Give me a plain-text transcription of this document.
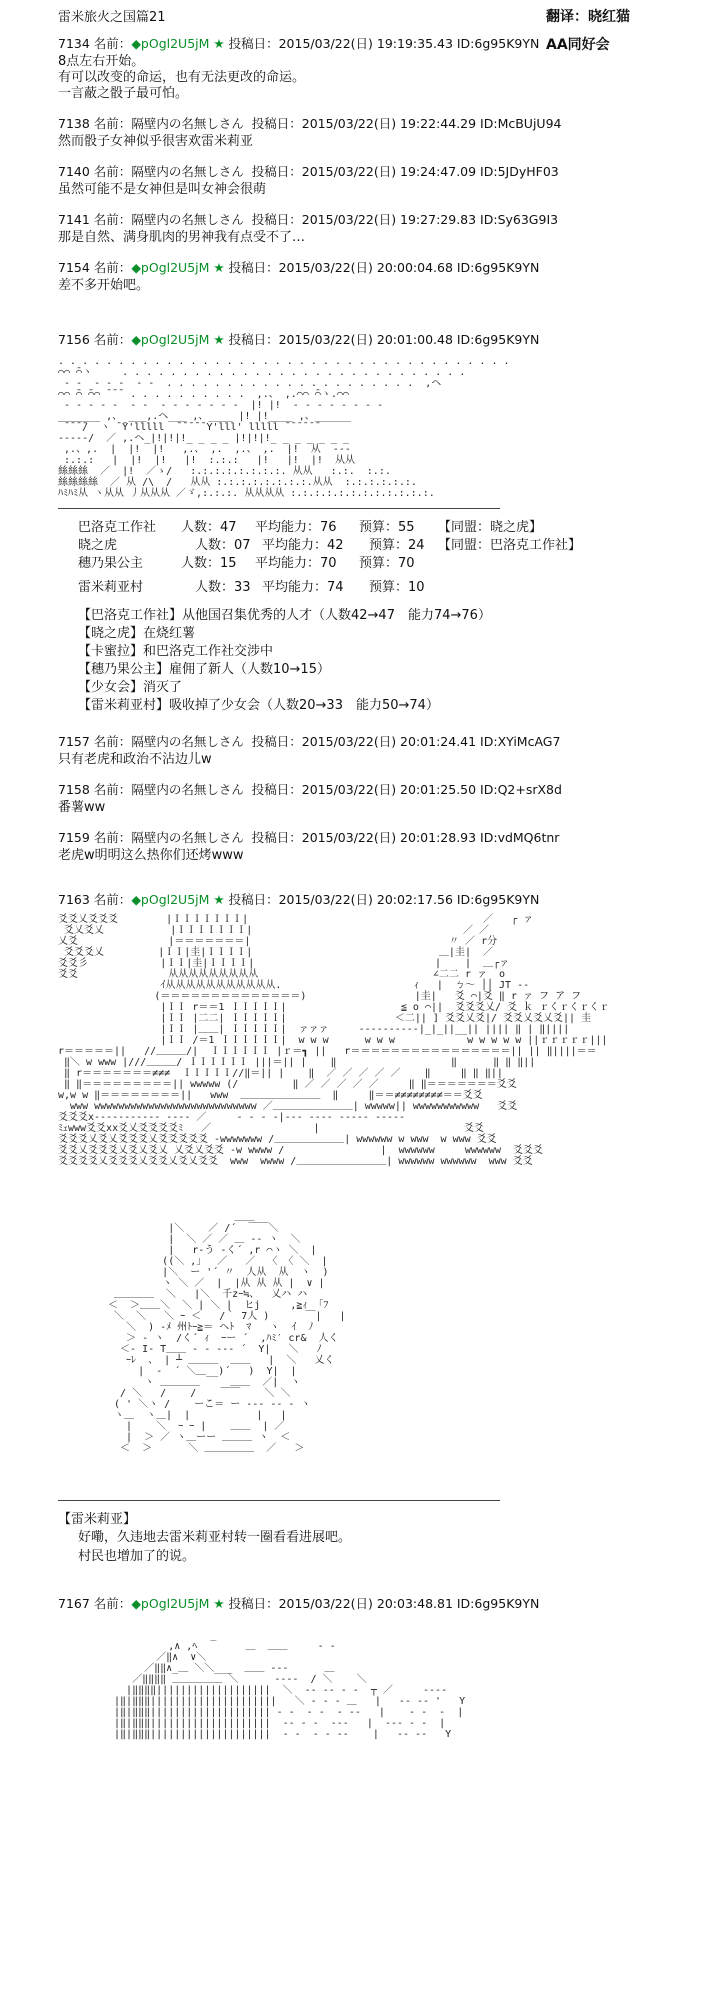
雷米旅火之国篇21	翻译：晓红猫
AA同好会
7134 名前：◆pOgl2U5jM ★ 投稿日：2015/03/22(日) 19:19:35.43 ID:6g95K9YN
8点左右开始。
有可以改变的命运，也有无法更改的命运。
一言蔽之骰子最可怕。
7138 名前：隔壁内の名無しさん 投稿日：2015/03/22(日) 19:22:44.29 ID:McBUjU94
然而骰子女神似乎很害欢雷米莉亚
7140 名前：隔壁内の名無しさん 投稿日：2015/03/22(日) 19:24:47.09 ID:5JDyHF03
虽然可能不是女神但是叫女神会很萌
7141 名前：隔壁内の名無しさん 投稿日：2015/03/22(日) 19:27:29.83 ID:Sy63G9I3
那是自然、满身肌肉的男神我有点受不了…
7154 名前：◆pOgl2U5jM ★ 投稿日：2015/03/22(日) 20:00:04.68 ID:6g95K9YN
差不多开始吧。
7156 名前：◆pOgl2U5jM ★ 投稿日：2015/03/22(日) 20:01:00.48 ID:6g95K9YN
. . . . . . . . . . . . . . . . . . . . . . . . . . . . . . . . . . . . . .
⌒⌒ ̄⌒ヽ     . . . . . . . . . . . . . . . . . . . . . . . . . . . . .
‐ ‐  ‐ ‐ ‐  ‐ ‐  . . . . . . . . . . . . . . . . . . . . .  ,ヘ
⌒⌒ ̄⌒ ̄⌒⌒ ̄ ̄ ̄  . . . . . . . . . .  ,.、 ,.⌒⌒ ̄⌒ヽ.⌒⌒
‐ ‐ ‐ ‐ ‐  ‐ ‐  ‐ ‐ ‐ ‐ ‐ ‐ ‐  |! |!  ‐ ‐ ‐ ‐ ‐ ‐ ‐ ‐
_______ ,、 ___,.ヘ___ ,、____ |! |!____ ,、______
̄ ̄ ̄ ̄/  ヽ ̄ ̄Y'lllll  ̄ ̄ ̄ ̄ ̄ Y'lll' lllll ̄ ̄ ̄ ̄ ̄ ̄
‐‐‐‐‐/  ／ ,.ヘ_|!|!|!_ _ _ _ |!|!|!_ _ _ _ _ _ _
,.、,.  |  |!  |!   ,.、 ,.  ,.、 ,.  |!  从  ‐‐‐
:.:.:   |  |!  |!   |!  :.:.:   |!   |!  |!  从从
絲絲絲  ／  |!  ／ゝ/   :.:.:.:.:.:.:.:. 从从   :.:.  :.:.
絲絲絲絲  ／ 从 /\  /   从从 :.:.:.:.:.:.:.:.从从  :.:.:.:.:.:.
ﾊﾐﾊﾐ从 ヽ从从 丿从从从 ／ゞ,:.:.:. 从从从从 :.:.:.:.:.:.:.:.:.:.:.:.
巴洛克工作社 人数：47 平均能力：76 预算：55 【同盟：晓之虎】
晓之虎	人数：07 平均能力：42 预算：24 【同盟：巴洛克工作社】
穗乃果公主	人数：15 平均能力：70 预算：70
雷米莉亚村	人数：33 平均能力：74 预算：10
【巴洛克工作社】从他国召集优秀的人才（人数42→47　能力74→76）
【晓之虎】在烧红薯
【卡蜜拉】和巴洛克工作社交涉中
【穗乃果公主】雇佣了新人（人数10→15）
【少女会】消灭了
【雷米莉亚村】吸收掉了少女会（人数20→33　能力50→74）
7157 名前：隔壁内の名無しさん 投稿日：2015/03/22(日) 20:01:24.41 ID:XYiMcAG7
只有老虎和政治不沾边儿w
7158 名前：隔壁内の名無しさん 投稿日：2015/03/22(日) 20:01:25.50 ID:Q2+srX8d
番薯ww
7159 名前：隔壁内の名無しさん 投稿日：2015/03/22(日) 20:01:28.93 ID:vdMQ6tnr
老虎w明明这么热你们还烤www
7163 名前：◆pOgl2U5jM ★ 投稿日：2015/03/22(日) 20:02:17.56 ID:6g95K9YN
爻爻乂爻爻爻        |ＩＩＩＩＩＩＩ|                                       ／   ┌ ァ
爻乂爻乂           |ＩＩＩＩＩＩＩ|                                   ／ ／
乂爻               |＝＝＝＝＝＝＝|                                 〃 ／ r分
爻爻爻乂         |ＩＩ|圭|ＩＩＩＩ|                               ＿|圭|  ／
爻爻彡            |ＩＩ|圭|ＩＩＩＩ|                              |    |  ＿┌ァ
爻爻               从从从从从从从从从                             ∠二二 r ァ  o
ｲ从从从从从从从从从从从.                      ｨ   |  ㄅ〜 ││ JT ‐‐
(＝＝＝＝＝＝＝＝＝＝＝＝＝＝)                  |圭|   爻 ⌒|爻 ‖ r ァ フ ア フ
|ＩＩ r＝＝1 ＩＩＩＩＩ|                   ≦ o ⌒||  爻爻爻乂/ 爻 ｋ ｒくｒくｒくｒ
|ＩＩ |二二| ＩＩＩＩＩ|                  ＜二|| ] 爻爻乂爻|/ 爻爻乂爻乂爻|| 圭
|ＩＩ |＿＿| ＩＩＩＩＩ|  ァァァ     ‐‐‐‐‐‐‐‐‐‐|_|_||__|| |||| ‖ | ‖||||
|ＩＩ /＝1 ＩＩＩＩＩＩ|  w w w      w w w            w w w w w ||ｒｒｒｒｒ|||
r＝＝＝＝＝||   //＿＿＿/|  ＩＩＩＩＩＩ |ｒ＝┓ ||   r＝＝＝＝＝＝＝＝＝＝＝＝＝＝＝＝|| || ‖||||＝＝
‖＼ w www |///＿＿＿/ ＩＩＩＩＩＩ |||＝|| |    ‖                   ‖      ‖ ‖ ‖||
‖ r＝＝＝＝＝＝＝≠≠≠  ＩＩＩＩＩ//‖＝|| |    ‖  ／ ／ ／ ／ ／    ‖     ‖ ‖ ‖||
‖ ‖＝＝＝＝＝＝＝＝＝|| wwwww (/         ‖ ／ ／ ／ ／ ／     ‖ ‖＝＝＝＝＝＝＝爻爻
w,w w ‖＝＝＝＝＝＝＝＝||   www  ＿＿＿＿＿＿＿＿  ‖     ‖＝＝≠≠≠≠≠≠≠≠＝＝爻爻
www wwwwwwwwwwwwwwwwwwwwwwwwwww ／＿＿＿＿＿＿＿＿| wwwww|| wwwwwwwwwww   爻爻
爻爻爻x‐‐‐‐‐‐‐‐‐‐‐ ‐‐‐‐ ／     ‐ ‐ ‐ ‐|‐‐‐ ‐‐‐‐ ‐‐‐‐‐ ‐‐‐‐‐
ﾐｪwww爻爻xx爻乂爻爻爻爻ﾐ   ／                 |                        爻爻
爻爻爻乂爻乂爻爻爻乂爻爻爻爻爻 ‐wwwwwww /＿＿＿＿＿＿＿| wwwwww w www  w www 爻爻
爻爻乂爻爻爻乂爻乂爻乂 乂爻乂爻爻 -w wwww /                |  wwwwww     wwwwww  爻爻爻
爻爻爻爻乂爻爻爻乂爻爻乂爻乂爻爻  www  wwww /＿＿＿＿＿＿＿＿＿| wwwwww wwwwww  www 爻爻
＿＿
|＼    ／ /´  ￣￣＼
|  ＼ ／ ／ ＿ ‐‐ ヽ  ＼
|   r‐う ‐く´ ,r ⌒ヽ ＼  |
((＼ ,｣ 　／   ／  〈 〈 ＼  |
|＼  ー '´ 〃  人从  从  ヽ  )
ヽ ＼ ／  |  |从 从 从 |  ∨ |
＿＿＿＿  ＼   |＼  千zｰ≒、  乂ハ ハ
＜  ＞＿＿＼  ＼ | ＼ |  ヒj     ,≧ｨ 「ﾌ
＼  ＼   ＼ ｰ ＜   /｀ 7人 )      ￣|   |
＼  ) -ﾒ 州ﾄｰ≧＝ ヘﾄ  ﾏ   ヽ  ｲ  ﾉ
＞ ‐ ヽ  /く´ ｨ  ｰー ´  ,ﾊﾐ′ cr&  人く
＜‐ I‐ T＿＿ ‐ ‐ ‐‐‐ ´  Y|   ＼   ﾉ
ｰﾚ  、 | ┴ ＿＿＿  ＿＿   |  ＼   乂く
|  ‐  ´ ＼＿__)´   )  Y|  |
ヽ ＿＿＿＿     ＿＿  ／|  ヽ
/ ＼   /    /    ￣￣    ＼ ＼
( ' ＼ヽ /    ーこ＝ ー ‐‐‐ ‐‐ ‐ ヽ
ヽ＿  ヽ＿|  |           |   |
|    ＼  ｰ ｰ |    ＿＿  | ／
|  ＞ ／ ヽ＿ーー ＿＿＿ ヽ  ＜
＜  ＞      ＼ ＿＿＿＿＿  ／   ＞
【雷米莉亚】
好嘞，久违地去雷米莉亚村转一圈看看进展吧。
村民也增加了的说。
7167 名前：◆pOgl2U5jM ★ 投稿日：2015/03/22(日) 20:03:48.81 ID:6g95K9YN
_
,∧ ,ﾍ        ＿  ＿＿     ‐ ‐
／‖∧  ∨＼
／‖‖∧_＿ ＼＼___  ＿＿ ‐‐‐      ＿
／‖‖‖‖ ＿＿＿＿＿ ＼      ‐‐‐‐  / ＼    ＼
|‖‖‖‖|||||||||||||||||||  ＼  ‐‐ ‐‐ ‐ ‐  ┬ ／     ‐‐‐‐
|‖|‖‖‖|||||||||||||||||||||   ＼ ‐ ‐ ‐ ＿   |   ‐‐ ‐‐ '   Y
|‖|‖‖‖|||||||||||||||||||| ‐ ‐  ‐ ‐  ‐ ‐‐   |    ‐ ‐  ‐  |
|‖|‖‖‖||||||||||||||||||||  ‐‐ ‐ ‐  ‐‐‐   |  ‐‐‐ ‐ ‐  |
|‖|‖‖‖||||||||||||||||||||  ‐ ‐  ‐ ‐ ‐‐    |   ‐‐ ‐‐   Y
